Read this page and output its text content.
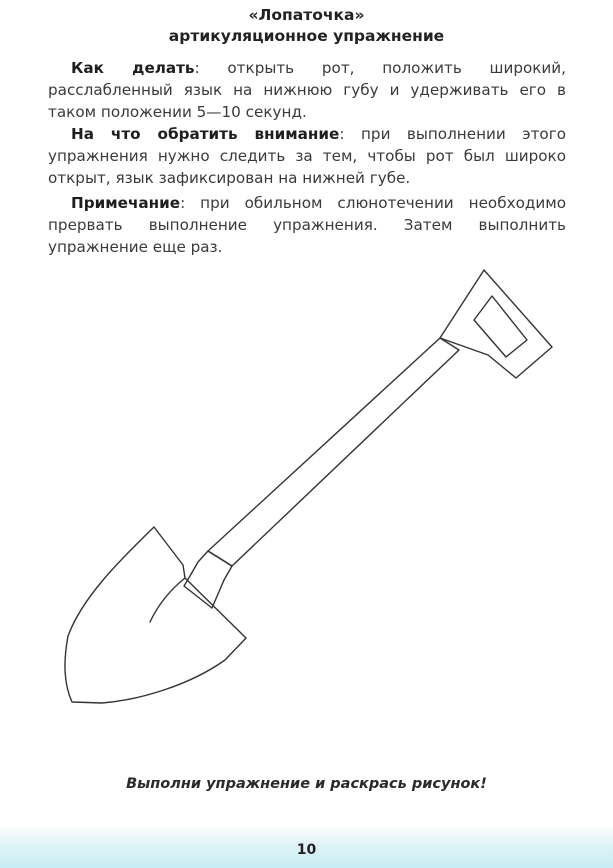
«Лопаточка»
артикуляционное упражнение

Как делать: открыть рот, положить широкий, расслабленный язык на нижнюю губу и удерживать его в таком положении 5—10 секунд.

На что обратить внимание: при выполнении этого упражнения нужно следить за тем, чтобы рот был широко открыт, язык зафиксирован на нижней губе.

Примечание: при обильном слюнотечении необходимо прервать выполнение упражнения. Затем выполнить упражнение еще раз.

Выполни упражнение и раскрась рисунок!
10
